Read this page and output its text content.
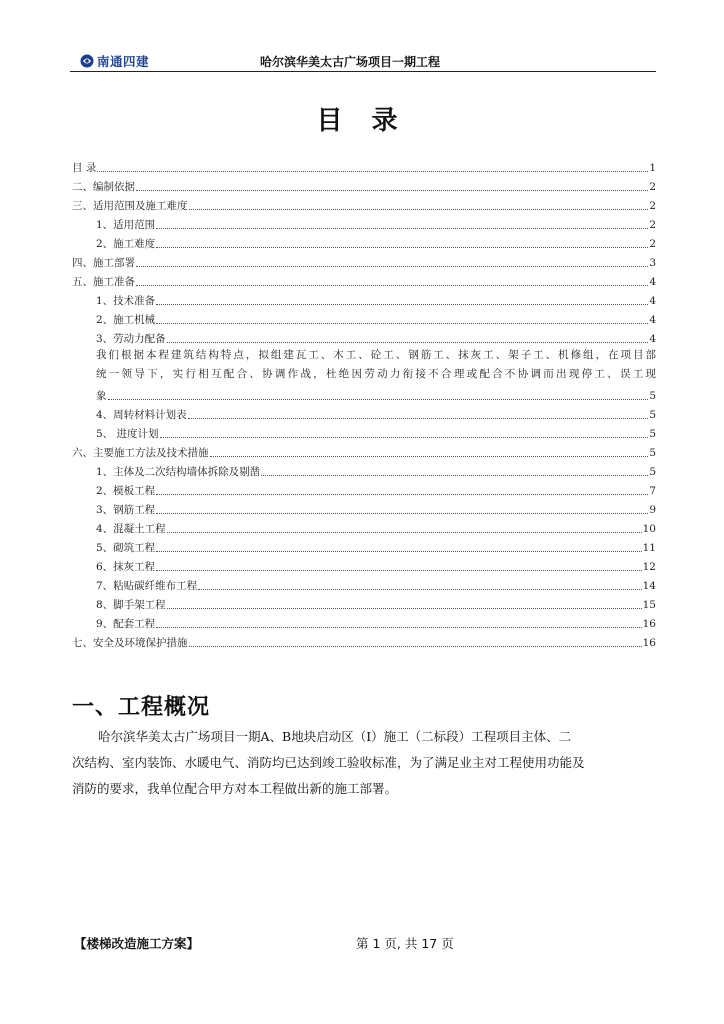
南通四建	哈尔滨华美太古广场项目一期工程
目 录
目 录	1
二、编制依据	2
三、适用范围及施工难度	2
1、适用范围	2
2、施工难度	2
四、施工部署	3
五、施工准备	4
1、技术准备	4
2、施工机械	4
3、劳动力配备	4
我们根据本程建筑结构特点，拟组建瓦工、木工、砼工、钢筋工、抹灰工、架子工、机修组，在项目部
统一领导下，实行相互配合、协调作战，杜绝因劳动力衔接不合理或配合不协调而出现停工、误工现
象	5
4、周转材料计划表	5
5、 进度计划	5
六、主要施工方法及技术措施	5
1、主体及二次结构墙体拆除及剔凿	5
2、模板工程	7
3、钢筋工程	9
4、混凝土工程	10
5、砌筑工程	11
6、抹灰工程	12
7、粘贴碳纤维布工程	14
8、脚手架工程	15
9、配套工程	16
七、安全及环境保护措施	16
一、工程概况
哈尔滨华美太古广场项目一期A、B地块启动区（Ⅰ）施工（二标段）工程项目主体、二
次结构、室内装饰、水暖电气、消防均已达到竣工验收标准，为了满足业主对工程使用功能及
消防的要求，我单位配合甲方对本工程做出新的施工部署。
【楼梯改造施工方案】	第 1 页, 共 17 页
